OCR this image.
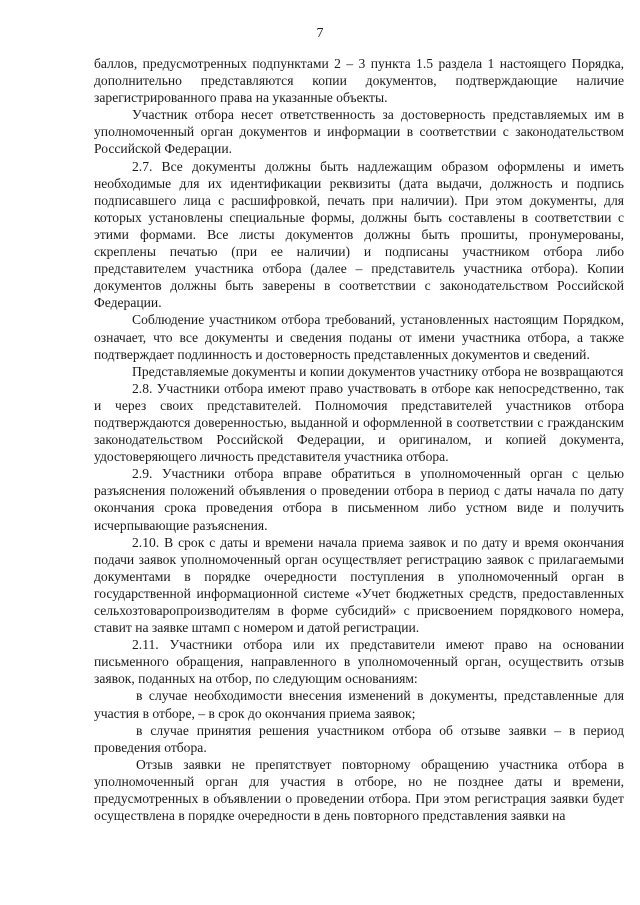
7

баллов, предусмотренных подпунктами 2 – 3 пункта 1.5 раздела 1 настоящего Порядка, дополнительно представляются копии документов, подтверждающие наличие зарегистрированного права на указанные объекты.

Участник отбора несет ответственность за достоверность представляемых им в уполномоченный орган документов и информации в соответствии с законодательством Российской Федерации.

2.7. Все документы должны быть надлежащим образом оформлены и иметь необходимые для их идентификации реквизиты (дата выдачи, должность и подпись подписавшего лица с расшифровкой, печать при наличии). При этом документы, для которых установлены специальные формы, должны быть составлены в соответствии с этими формами. Все листы документов должны быть прошиты, пронумерованы, скреплены печатью (при ее наличии) и подписаны участником отбора либо представителем участника отбора (далее – представитель участника отбора). Копии документов должны быть заверены в соответствии с законодательством Российской Федерации.

Соблюдение участником отбора требований, установленных настоящим Порядком, означает, что все документы и сведения поданы от имени участника отбора, а также подтверждает подлинность и достоверность представленных документов и сведений.

Представляемые документы и копии документов участнику отбора не возвращаются

2.8. Участники отбора имеют право участвовать в отборе как непосредственно, так и через своих представителей. Полномочия представителей участников отбора подтверждаются доверенностью, выданной и оформленной в соответствии с гражданским законодательством Российской Федерации, и оригиналом, и копией документа, удостоверяющего личность представителя участника отбора.

2.9. Участники отбора вправе обратиться в уполномоченный орган с целью разъяснения положений объявления о проведении отбора в период с даты начала по дату окончания срока проведения отбора в письменном либо устном виде и получить исчерпывающие разъяснения.

2.10. В срок с даты и времени начала приема заявок и по дату и время окончания подачи заявок уполномоченный орган осуществляет регистрацию заявок с прилагаемыми документами в порядке очередности поступления в уполномоченный орган в государственной информационной системе «Учет бюджетных средств, предоставленных сельхозтоваропроизводителям в форме субсидий» с присвоением порядкового номера, ставит на заявке штамп с номером и датой регистрации.

2.11. Участники отбора или их представители имеют право на основании письменного обращения, направленного в уполномоченный орган, осуществить отзыв заявок, поданных на отбор, по следующим основаниям:

в случае необходимости внесения изменений в документы, представленные для участия в отборе, – в срок до окончания приема заявок;

в случае принятия решения участником отбора об отзыве заявки – в период проведения отбора.

Отзыв заявки не препятствует повторному обращению участника отбора в уполномоченный орган для участия в отборе, но не позднее даты и времени, предусмотренных в объявлении о проведении отбора. При этом регистрация заявки будет осуществлена в порядке очередности в день повторного представления заявки на
